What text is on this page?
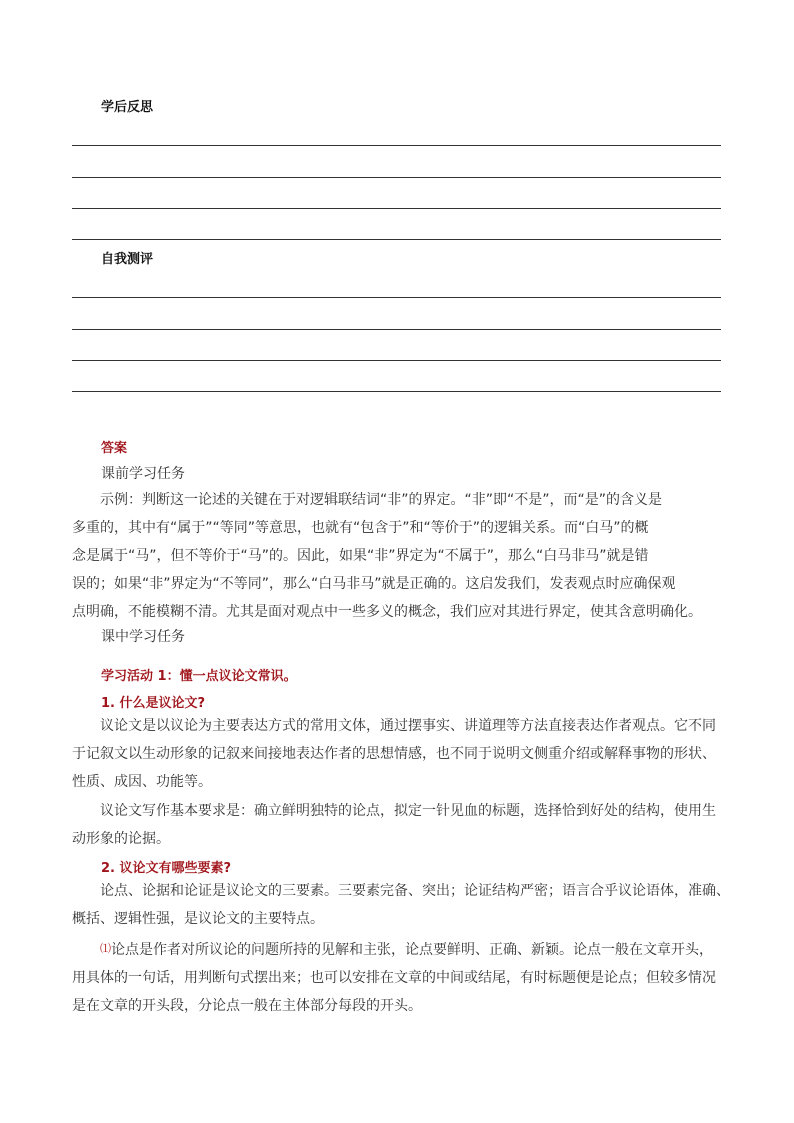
学后反思
自我测评
答案
课前学习任务
示例：判断这一论述的关键在于对逻辑联结词“非”的界定。“非”即“不是”，而“是”的含义是
多重的，其中有“属于”“等同”等意思，也就有“包含于”和“等价于”的逻辑关系。而“白马”的概
念是属于“马”，但不等价于“马”的。因此，如果“非”界定为“不属于”，那么“白马非马”就是错
误的；如果“非”界定为“不等同”，那么“白马非马”就是正确的。这启发我们，发表观点时应确保观
点明确，不能模糊不清。尤其是面对观点中一些多义的概念，我们应对其进行界定，使其含意明确化。
课中学习任务
学习活动 1：懂一点议论文常识。
1. 什么是议论文?
议论文是以议论为主要表达方式的常用文体，通过摆事实、讲道理等方法直接表达作者观点。它不同
于记叙文以生动形象的记叙来间接地表达作者的思想情感，也不同于说明文侧重介绍或解释事物的形状、
性质、成因、功能等。
议论文写作基本要求是：确立鲜明独特的论点，拟定一针见血的标题，选择恰到好处的结构，使用生
动形象的论据。
2. 议论文有哪些要素?
论点、论据和论证是议论文的三要素。三要素完备、突出；论证结构严密；语言合乎议论语体，准确、
概括、逻辑性强，是议论文的主要特点。
⑴论点是作者对所议论的问题所持的见解和主张，论点要鲜明、正确、新颖。论点一般在文章开头，
用具体的一句话，用判断句式摆出来；也可以安排在文章的中间或结尾，有时标题便是论点；但较多情况
是在文章的开头段，分论点一般在主体部分每段的开头。
